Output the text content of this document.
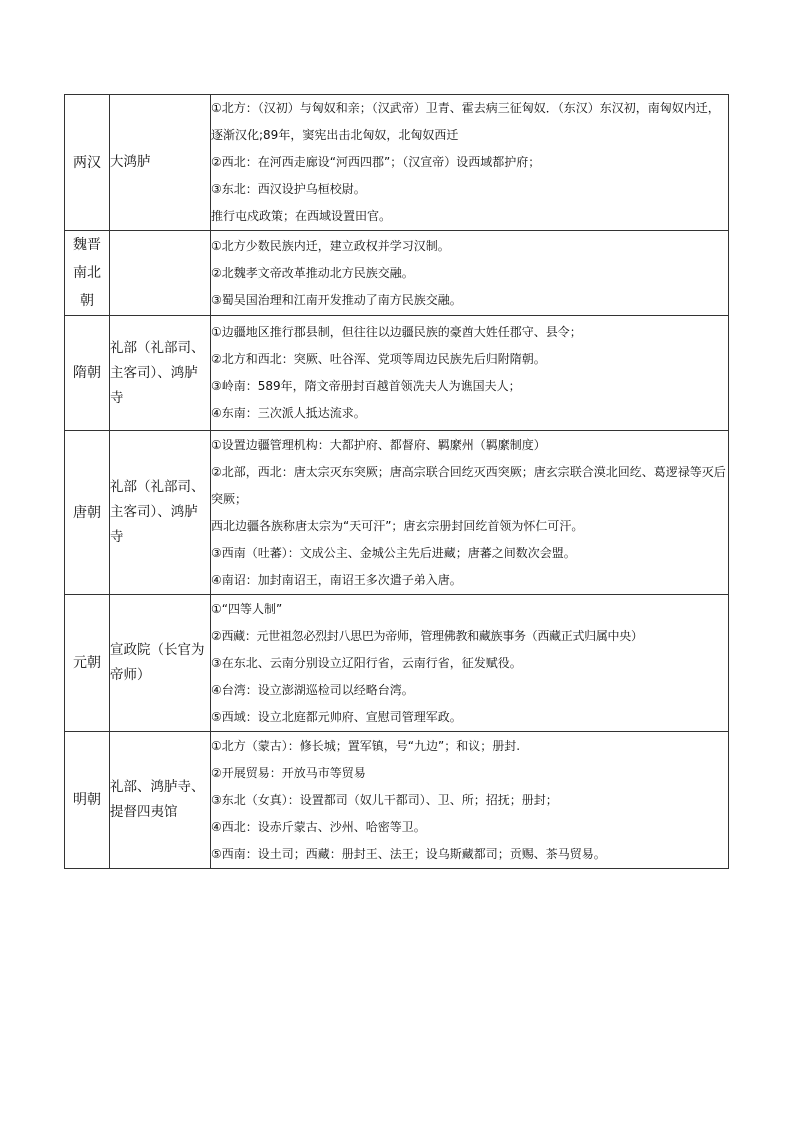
两汉	大鸿胪	①北方：（汉初）与匈奴和亲；（汉武帝）卫青、霍去病三征匈奴．（东汉）东汉初，南匈奴内迁，逐渐汉化;89年，窦宪出击北匈奴，北匈奴西迁
②西北：在河西走廊设“河西四郡”；（汉宣帝）设西域都护府；
③东北：西汉设护乌桓校尉。
推行屯戍政策；在西域设置田官。

魏晋南北朝		①北方少数民族内迁，建立政权并学习汉制。
②北魏孝文帝改革推动北方民族交融。
③蜀吴国治理和江南开发推动了南方民族交融。

隋朝	礼部（礼部司、主客司）、鸿胪寺	①边疆地区推行郡县制，但往往以边疆民族的豪酋大姓任郡守、县令；
②北方和西北：突厥、吐谷浑、党项等周边民族先后归附隋朝。
③岭南：589年，隋文帝册封百越首领冼夫人为谯国夫人；
④东南：三次派人抵达流求。

唐朝	礼部（礼部司、主客司）、鸿胪寺	①设置边疆管理机构：大都护府、都督府、羁縻州（羁縻制度）
②北部，西北：唐太宗灭东突厥；唐高宗联合回纥灭西突厥；唐玄宗联合漠北回纥、葛逻禄等灭后突厥；
西北边疆各族称唐太宗为“天可汗”；唐玄宗册封回纥首领为怀仁可汗。
③西南（吐蕃）：文成公主、金城公主先后进藏；唐蕃之间数次会盟。
④南诏：加封南诏王，南诏王多次遣子弟入唐。

元朝	宣政院（长官为帝师）	①“四等人制”
②西藏：元世祖忽必烈封八思巴为帝师，管理佛教和藏族事务（西藏正式归属中央）
③在东北、云南分别设立辽阳行省，云南行省，征发赋役。
④台湾：设立澎湖巡检司以经略台湾。
⑤西域：设立北庭都元帅府、宣慰司管理军政。

明朝	礼部、鸿胪寺、提督四夷馆	①北方（蒙古）：修长城；置军镇，号“九边”；和议；册封.
②开展贸易：开放马市等贸易
③东北（女真）：设置都司（奴儿干都司）、卫、所；招抚；册封；
④西北：设赤斤蒙古、沙州、哈密等卫。
⑤西南：设土司；西藏：册封王、法王；设乌斯藏都司；贡赐、茶马贸易。
